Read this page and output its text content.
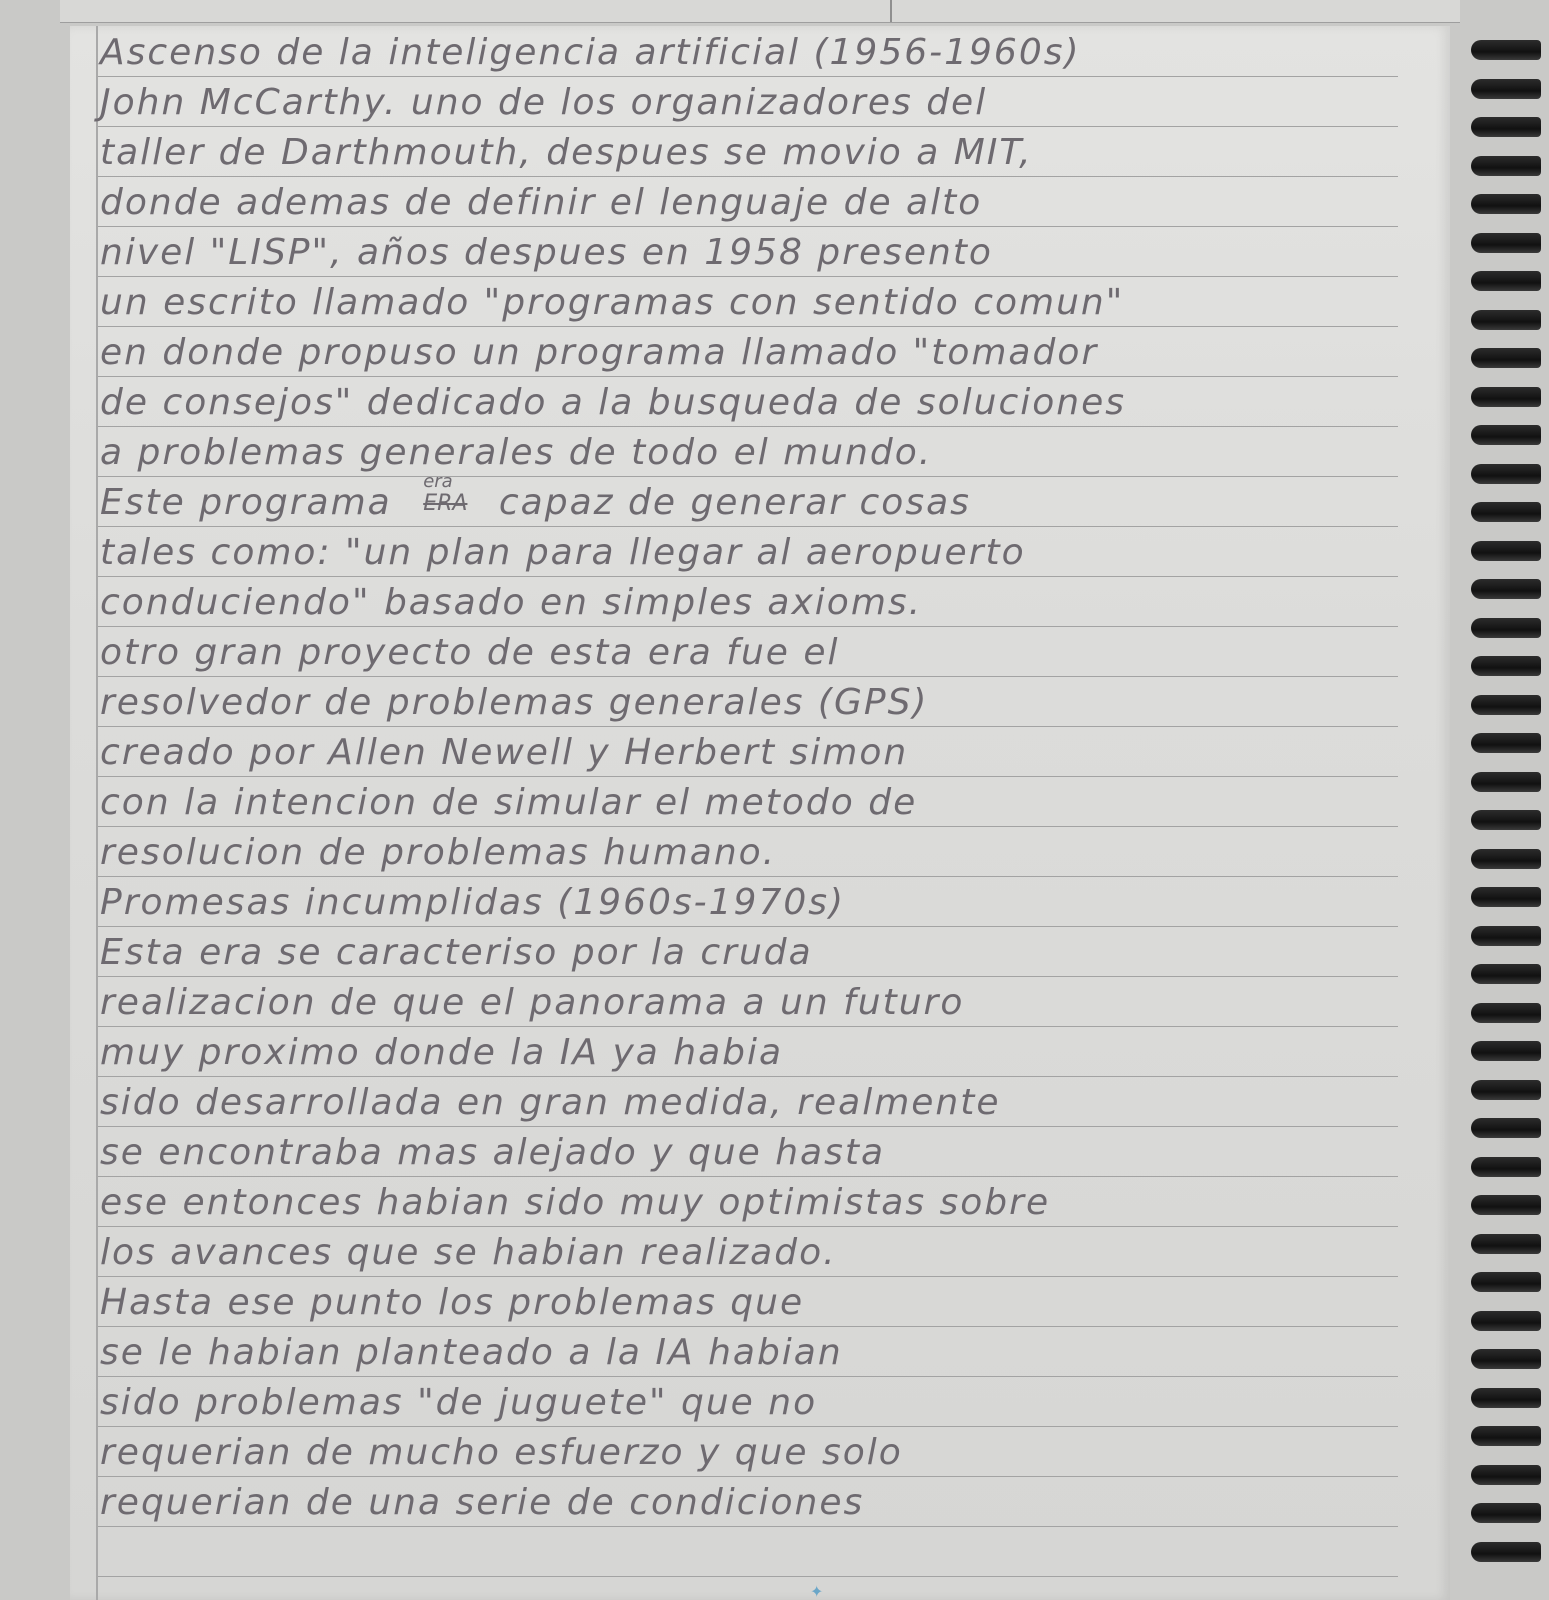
Ascenso de la inteligencia artificial (1956-1960s)
John McCarthy. uno de los organizadores del
taller de Darthmouth, despues se movio a MIT,
donde ademas de definir el lenguaje de alto
nivel "LISP", años despues en 1958 presento
un escrito llamado "programas con sentido comun"
en donde propuso un programa llamado "tomador
de consejos" dedicado a la busqueda de soluciones
a problemas generales de todo el mundo.
Este programa
era
ERA capaz de generar cosas
tales como: "un plan para llegar al aeropuerto
conduciendo" basado en simples axioms.
otro gran proyecto de esta era fue el
resolvedor de problemas generales (GPS)
creado por Allen Newell y Herbert simon
con la intencion de simular el metodo de
resolucion de problemas humano.
Promesas incumplidas (1960s-1970s)
Esta era se caracteriso por la cruda
realizacion de que el panorama a un futuro
muy proximo donde la IA ya habia
sido desarrollada en gran medida, realmente
se encontraba mas alejado y que hasta
ese entonces habian sido muy optimistas sobre
los avances que se habian realizado.
Hasta ese punto los problemas que
se le habian planteado a la IA habian
sido problemas "de juguete" que no
requerian de mucho esfuerzo y que solo
requerian de una serie de condiciones
✦
